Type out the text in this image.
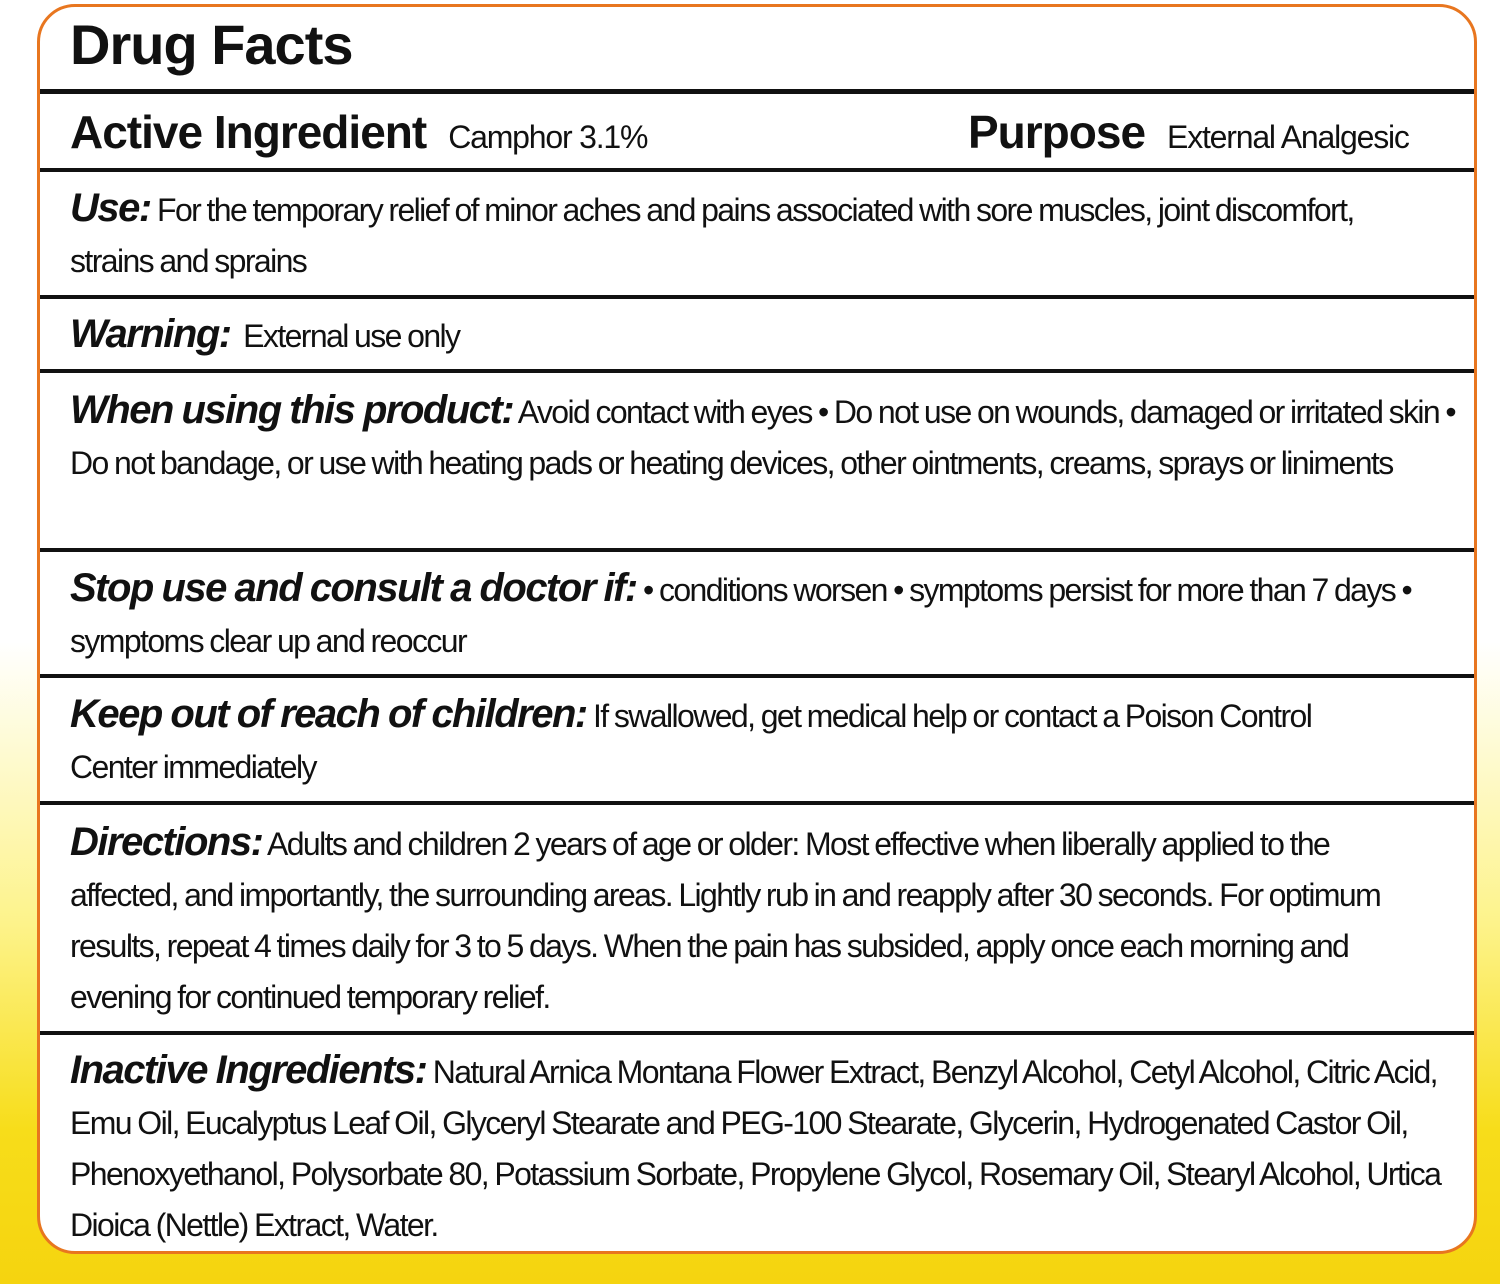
Drug Facts
Active Ingredient Camphor 3.1%	Purpose External Analgesic
Use: For the temporary relief of minor aches and pains associated with sore muscles, joint discomfort, strains and sprains
Warning: External use only
When using this product: Avoid contact with eyes • Do not use on wounds, damaged or irritated skin • Do not bandage, or use with heating pads or heating devices, other ointments, creams, sprays or liniments
Stop use and consult a doctor if: • conditions worsen • symptoms persist for more than 7 days • symptoms clear up and reoccur
Keep out of reach of children: If swallowed, get medical help or contact a Poison Control Center immediately
Directions: Adults and children 2 years of age or older: Most effective when liberally applied to the affected, and importantly, the surrounding areas. Lightly rub in and reapply after 30 seconds. For optimum results, repeat 4 times daily for 3 to 5 days. When the pain has subsided, apply once each morning and evening for continued temporary relief.
Inactive Ingredients: Natural Arnica Montana Flower Extract, Benzyl Alcohol, Cetyl Alcohol, Citric Acid, Emu Oil, Eucalyptus Leaf Oil, Glyceryl Stearate and PEG-100 Stearate, Glycerin, Hydrogenated Castor Oil, Phenoxyethanol, Polysorbate 80, Potassium Sorbate, Propylene Glycol, Rosemary Oil, Stearyl Alcohol, Urtica Dioica (Nettle) Extract, Water.
